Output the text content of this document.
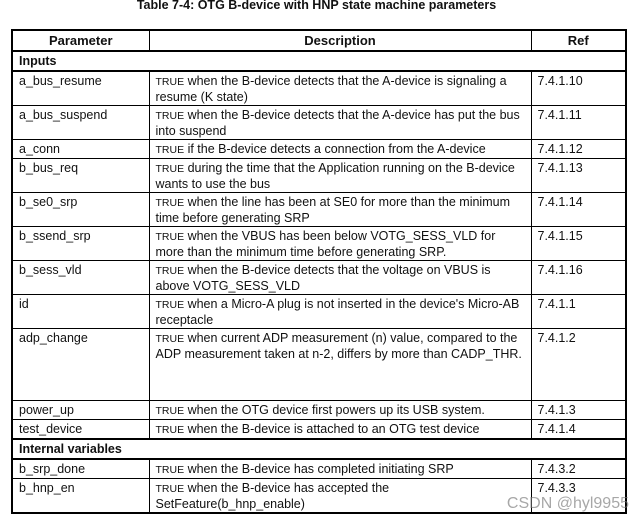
Table 7-4: OTG B-device with HNP state machine parameters
Parameter	Description	Ref
Inputs		
a_bus_resume	TRUE when the B-device detects that the A-device is signaling a resume (K state)	7.4.1.10
a_bus_suspend	TRUE when the B-device detects that the A-device has put the bus into suspend	7.4.1.11
a_conn	TRUE if the B-device detects a connection from the A-device	7.4.1.12
b_bus_req	TRUE during the time that the Application running on the B-device wants to use the bus	7.4.1.13
b_se0_srp	TRUE when the line has been at SE0 for more than the minimum time before generating SRP	7.4.1.14
b_ssend_srp	TRUE when the VBUS has been below VOTG_SESS_VLD for more than the minimum time before generating SRP.	7.4.1.15
b_sess_vld	TRUE when the B-device detects that the voltage on VBUS is above VOTG_SESS_VLD	7.4.1.16
id	TRUE when a Micro-A plug is not inserted in the device's Micro-AB receptacle	7.4.1.1
adp_change	TRUE when current ADP measurement (n) value, compared to the ADP measurement taken at n-2, differs by more than CADP_THR.	7.4.1.2
power_up	TRUE when the OTG device first powers up its USB system.	7.4.1.3
test_device	TRUE when the B-device is attached to an OTG test device	7.4.1.4
Internal variables		
b_srp_done	TRUE when the B-device has completed initiating SRP	7.4.3.2
b_hnp_en	TRUE when the B-device has accepted the SetFeature(b_hnp_enable)	7.4.3.3
CSDN @hyl9955
